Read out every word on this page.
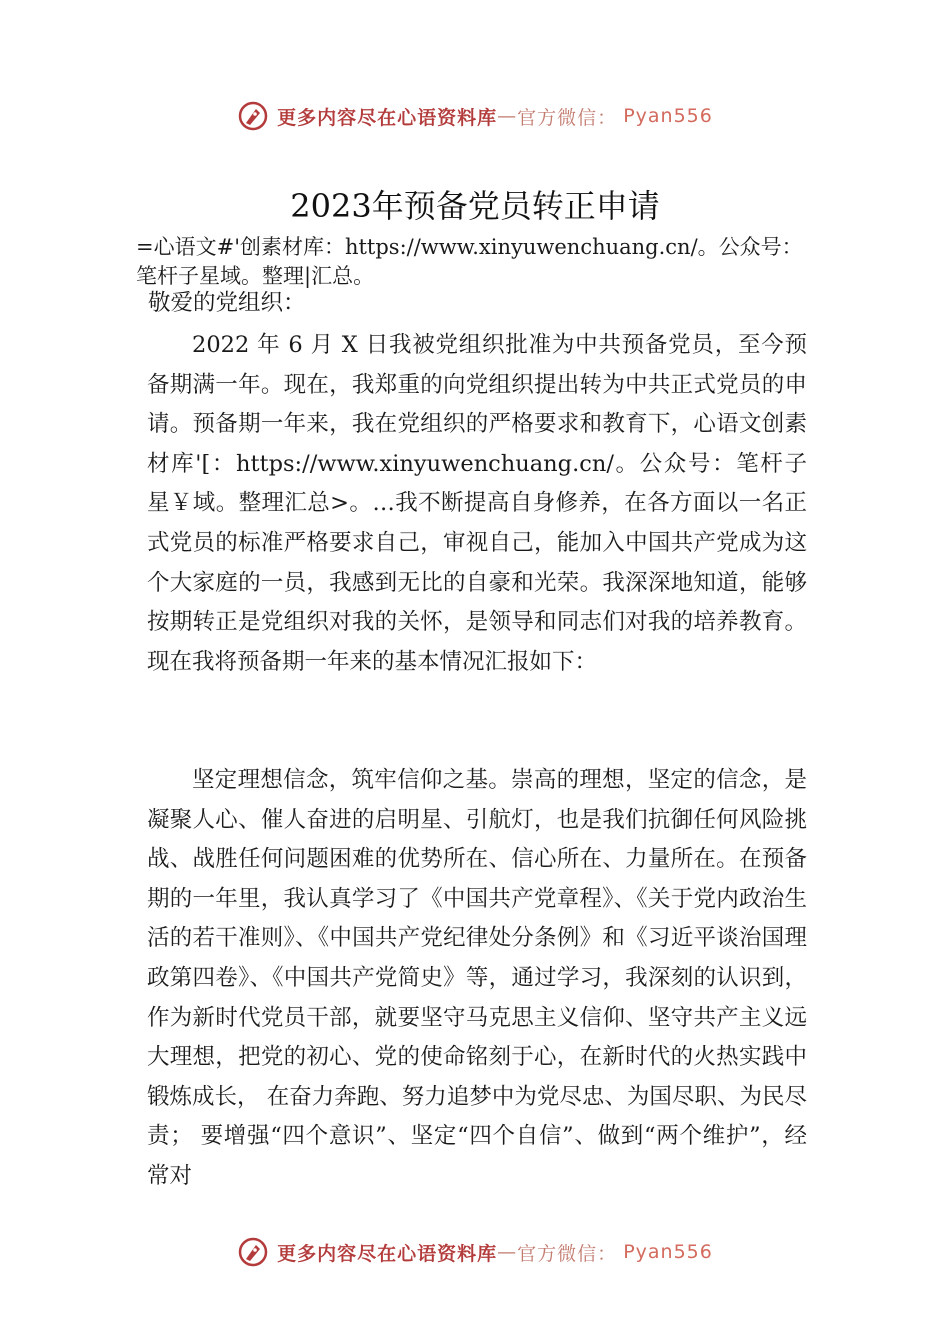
更多内容尽在心语资料库 — 官方微信： Pyan556
2023年预备党员转正申请

=心语文#'创素材库：https://www.xinyuwenchuang.cn/。公众号：笔杆子星域。整理|汇总。

敬爱的党组织：

2022 年 6 月 X 日我被党组织批准为中共预备党员，至今预备期满一年。现在，我郑重的向党组织提出转为中共正式党员的申请。预备期一年来，我在党组织的严格要求和教育下，心语文创素材库'[：https://www.xinyuwenchuang.cn/。公众号：笔杆子星￥域。整理汇总>。…我不断提高自身修养，在各方面以一名正式党员的标准严格要求自己，审视自己，能加入中国共产党成为这个大家庭的一员，我感到无比的自豪和光荣。我深深地知道，能够按期转正是党组织对我的关怀，是领导和同志们对我的培养教育。现在我将预备期一年来的基本情况汇报如下：

坚定理想信念，筑牢信仰之基。崇高的理想，坚定的信念，是凝聚人心、催人奋进的启明星、引航灯，也是我们抗御任何风险挑战、战胜任何问题困难的优势所在、信心所在、力量所在。在预备期的一年里，我认真学习了《中国共产党章程》、《关于党内政治生活的若干准则》、《中国共产党纪律处分条例》和《习近平谈治国理政第四卷》、《中国共产党简史》等，通过学习，我深刻的认识到，作为新时代党员干部，就要坚守马克思主义信仰、坚守共产主义远大理想，把党的初心、党的使命铭刻于心，在新时代的火热实践中锻炼成长， 在奋力奔跑、努力追梦中为党尽忠、为国尽职、为民尽责； 要增强“四个意识”、坚定“四个自信”、做到“两个维护”，经常对

更多内容尽在心语资料库 — 官方微信： Pyan556
